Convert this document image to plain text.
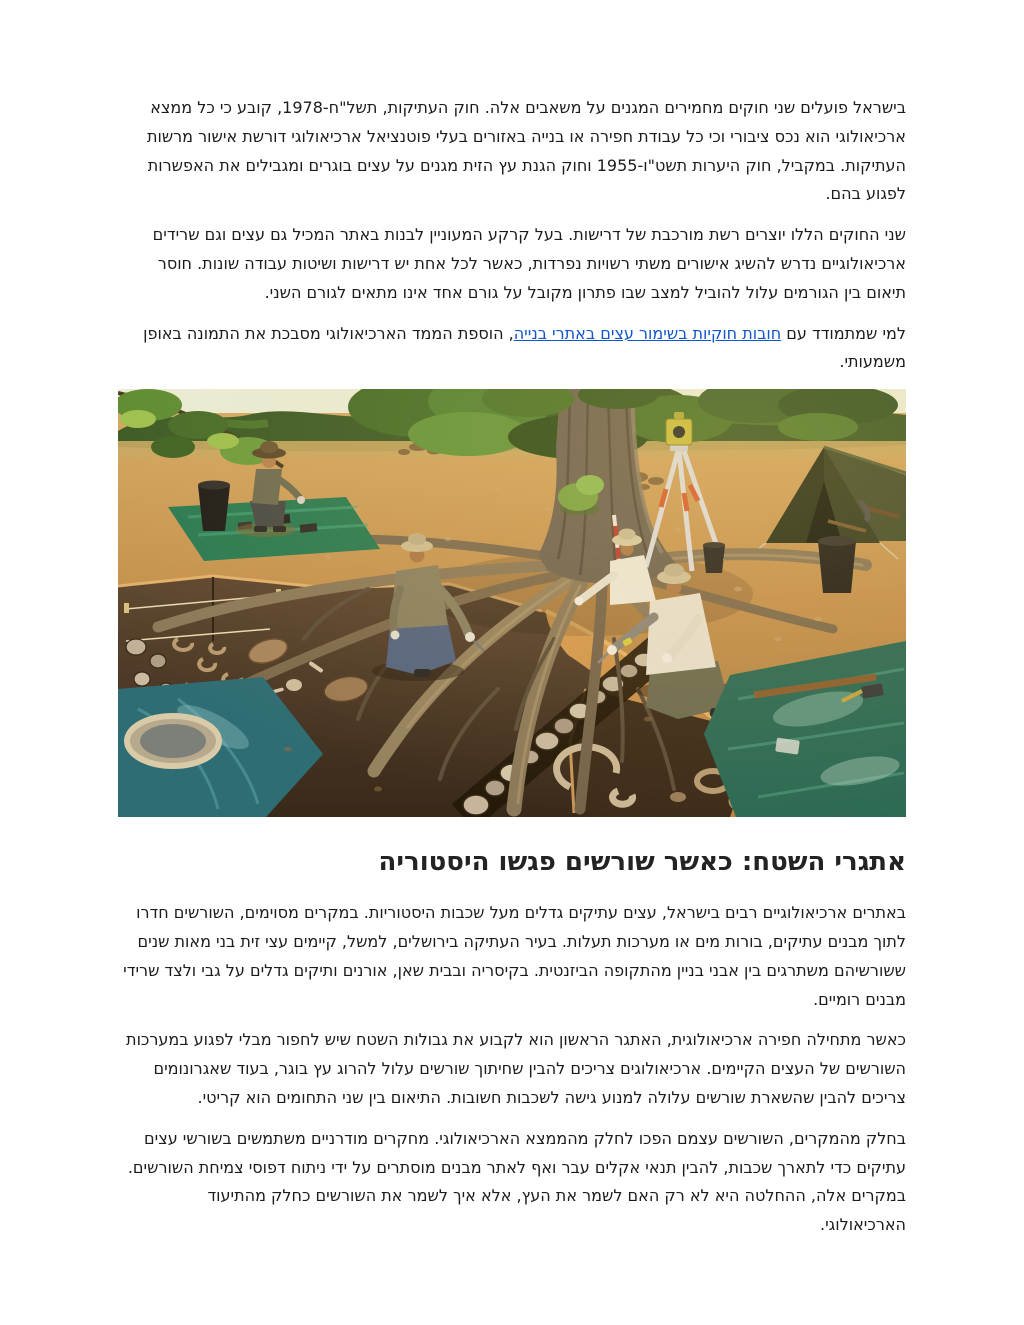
בישראל פועלים שני חוקים מחמירים המגנים על משאבים אלה. חוק העתיקות, תשל"ח-1978, קובע כי כל ממצא ארכיאולוגי הוא נכס ציבורי וכי כל עבודת חפירה או בנייה באזורים בעלי פוטנציאל ארכיאולוגי דורשת אישור מרשות העתיקות. במקביל, חוק היערות תשט"ו-1955 וחוק הגנת עץ הזית מגנים על עצים בוגרים ומגבילים את האפשרות לפגוע בהם.

שני החוקים הללו יוצרים רשת מורכבת של דרישות. בעל קרקע המעוניין לבנות באתר המכיל גם עצים וגם שרידים ארכיאולוגיים נדרש להשיג אישורים משתי רשויות נפרדות, כאשר לכל אחת יש דרישות ושיטות עבודה שונות. חוסר תיאום בין הגורמים עלול להוביל למצב שבו פתרון מקובל על גורם אחד אינו מתאים לגורם השני.

למי שמתמודד עם חובות חוקיות בשימור עצים באתרי בנייה, הוספת הממד הארכיאולוגי מסבכת את התמונה באופן משמעותי.

אתגרי השטח: כאשר שורשים פגשו היסטוריה

באתרים ארכיאולוגיים רבים בישראל, עצים עתיקים גדלים מעל שכבות היסטוריות. במקרים מסוימים, השורשים חדרו לתוך מבנים עתיקים, בורות מים או מערכות תעלות. בעיר העתיקה בירושלים, למשל, קיימים עצי זית בני מאות שנים ששורשיהם משתרגים בין אבני בניין מהתקופה הביזנטית. בקיסריה ובבית שאן, אורנים ותיקים גדלים על גבי ולצד שרידי מבנים רומיים.

כאשר מתחילה חפירה ארכיאולוגית, האתגר הראשון הוא לקבוע את גבולות השטח שיש לחפור מבלי לפגוע במערכות השורשים של העצים הקיימים. ארכיאולוגים צריכים להבין שחיתוך שורשים עלול להרוג עץ בוגר, בעוד שאגרונומים צריכים להבין שהשארת שורשים עלולה למנוע גישה לשכבות חשובות. התיאום בין שני התחומים הוא קריטי.

בחלק מהמקרים, השורשים עצמם הפכו לחלק מהממצא הארכיאולוגי. מחקרים מודרניים משתמשים בשורשי עצים עתיקים כדי לתארך שכבות, להבין תנאי אקלים עבר ואף לאתר מבנים מוסתרים על ידי ניתוח דפוסי צמיחת השורשים. במקרים אלה, ההחלטה היא לא רק האם לשמר את העץ, אלא איך לשמר את השורשים כחלק מהתיעוד הארכיאולוגי.
